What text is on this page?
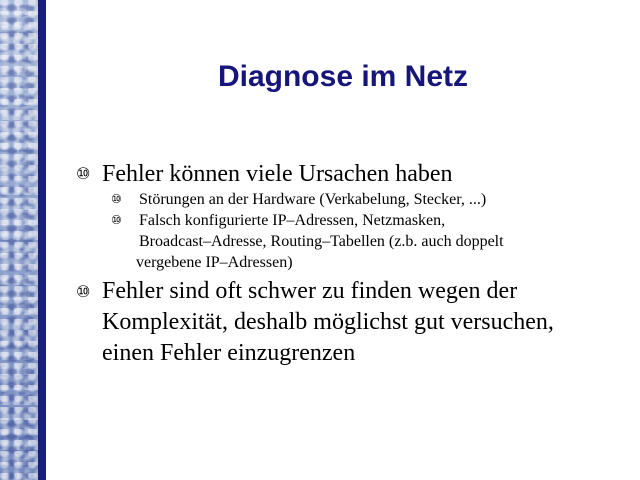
Diagnose im Netz
⑩ Fehler können viele Ursachen haben
⑩ Störungen an der Hardware (Verkabelung, Stecker, ...)
⑩ Falsch konfigurierte IP–Adressen, Netzmasken,
Broadcast–Adresse, Routing–Tabellen (z.b. auch doppelt
vergebene IP–Adressen)
⑩ Fehler sind oft schwer zu finden wegen der
Komplexität, deshalb möglichst gut versuchen,
einen Fehler einzugrenzen
